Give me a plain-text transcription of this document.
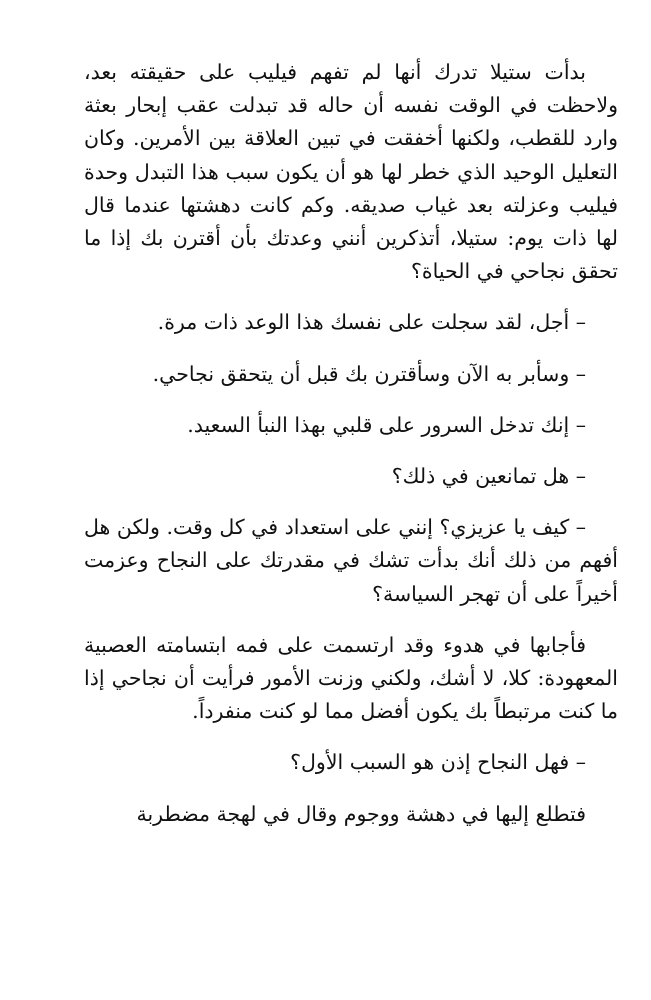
بدأت ستيلا تدرك أنها لم تفهم فيليب على حقيقته بعد، ولاحظت في الوقت نفسه أن حاله قد تبدلت عقب إبحار بعثة وارد للقطب، ولكنها أخفقت في تبين العلاقة بين الأمرين. وكان التعليل الوحيد الذي خطر لها هو أن يكون سبب هذا التبدل وحدة فيليب وعزلته بعد غياب صديقه. وكم كانت دهشتها عندما قال لها ذات يوم: ستيلا، أتذكرين أنني وعدتك بأن أقترن بك إذا ما تحقق نجاحي في الحياة؟

– أجل، لقد سجلت على نفسك هذا الوعد ذات مرة.

– وسأبر به الآن وسأقترن بك قبل أن يتحقق نجاحي.

– إنك تدخل السرور على قلبي بهذا النبأ السعيد.

– هل تمانعين في ذلك؟

– كيف يا عزيزي؟ إنني على استعداد في كل وقت. ولكن هل أفهم من ذلك أنك بدأت تشك في مقدرتك على النجاح وعزمت أخيراً على أن تهجر السياسة؟

فأجابها في هدوء وقد ارتسمت على فمه ابتسامته العصبية المعهودة: كلا، لا أشك، ولكني وزنت الأمور فرأيت أن نجاحي إذا ما كنت مرتبطاً بك يكون أفضل مما لو كنت منفرداً.

– فهل النجاح إذن هو السبب الأول؟

فتطلع إليها في دهشة ووجوم وقال في لهجة مضطربة
